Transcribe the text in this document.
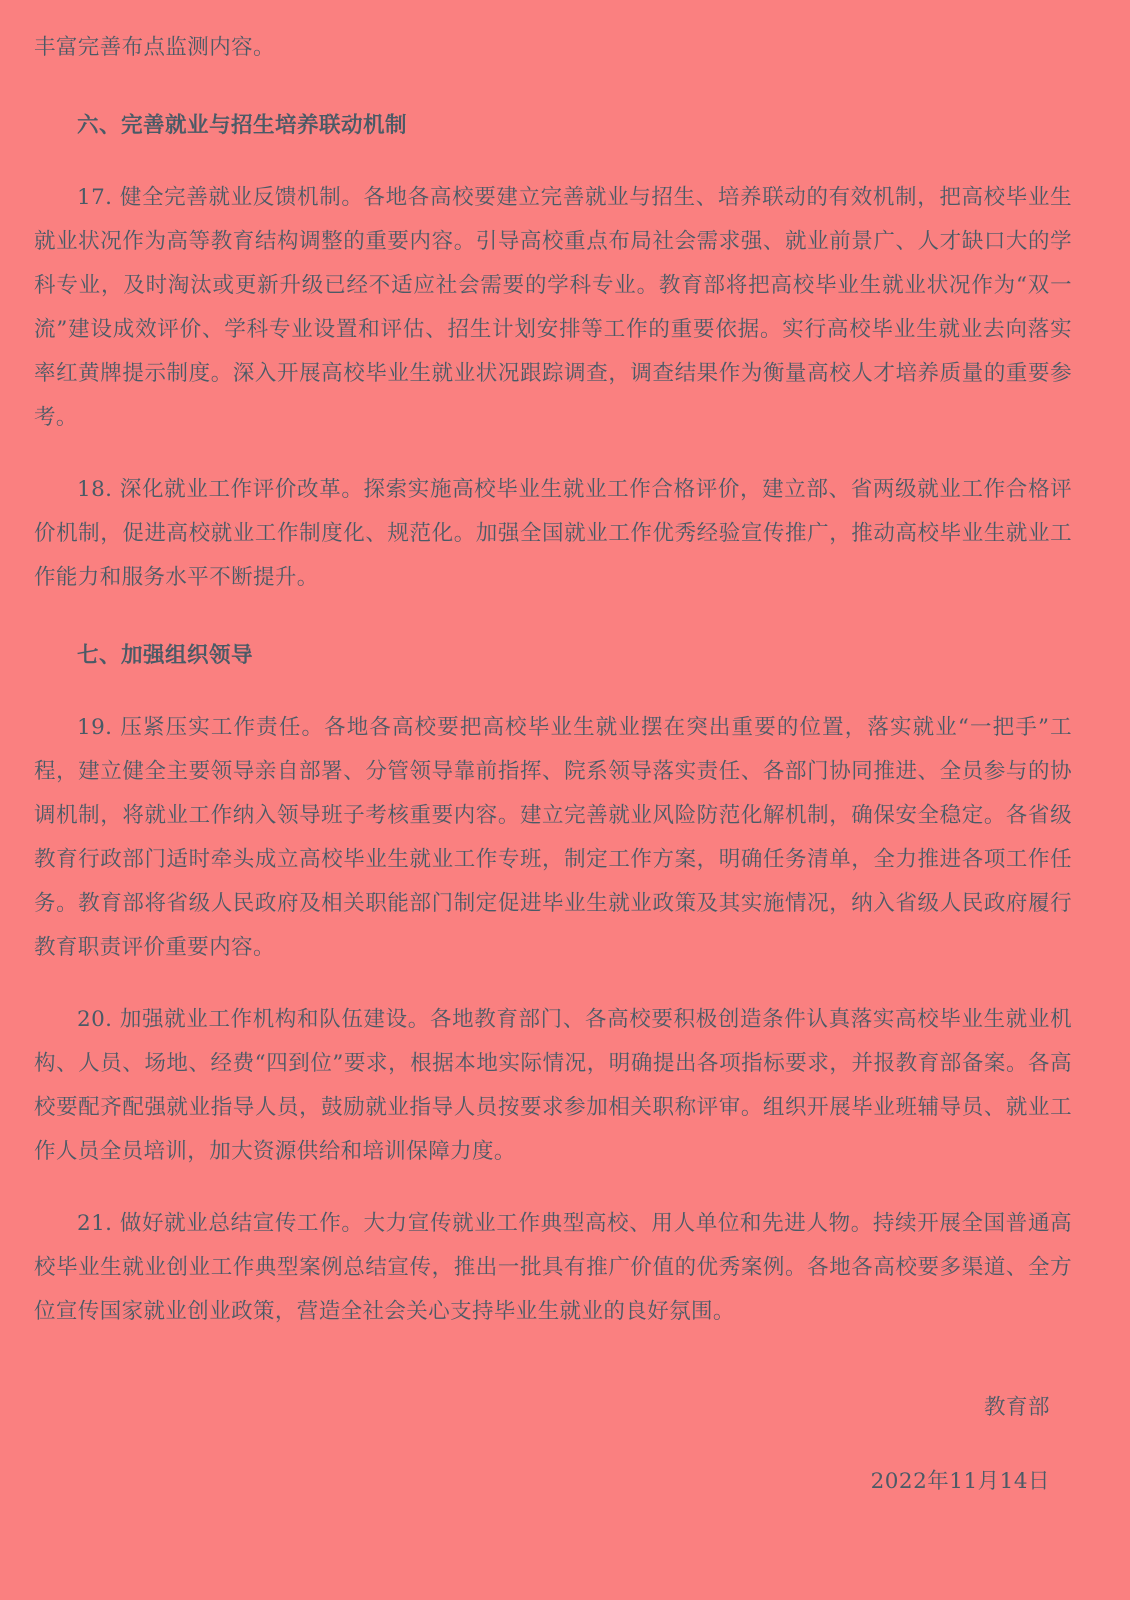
丰富完善布点监测内容。

六、完善就业与招生培养联动机制

17. 健全完善就业反馈机制。各地各高校要建立完善就业与招生、培养联动的有效机制，把高校毕业生就业状况作为高等教育结构调整的重要内容。引导高校重点布局社会需求强、就业前景广、人才缺口大的学科专业，及时淘汰或更新升级已经不适应社会需要的学科专业。教育部将把高校毕业生就业状况作为“双一流”建设成效评价、学科专业设置和评估、招生计划安排等工作的重要依据。实行高校毕业生就业去向落实率红黄牌提示制度。深入开展高校毕业生就业状况跟踪调查，调查结果作为衡量高校人才培养质量的重要参考。

18. 深化就业工作评价改革。探索实施高校毕业生就业工作合格评价，建立部、省两级就业工作合格评价机制，促进高校就业工作制度化、规范化。加强全国就业工作优秀经验宣传推广，推动高校毕业生就业工作能力和服务水平不断提升。

七、加强组织领导

19. 压紧压实工作责任。各地各高校要把高校毕业生就业摆在突出重要的位置，落实就业“一把手”工程，建立健全主要领导亲自部署、分管领导靠前指挥、院系领导落实责任、各部门协同推进、全员参与的协调机制，将就业工作纳入领导班子考核重要内容。建立完善就业风险防范化解机制，确保安全稳定。各省级教育行政部门适时牵头成立高校毕业生就业工作专班，制定工作方案，明确任务清单，全力推进各项工作任务。教育部将省级人民政府及相关职能部门制定促进毕业生就业政策及其实施情况，纳入省级人民政府履行教育职责评价重要内容。

20. 加强就业工作机构和队伍建设。各地教育部门、各高校要积极创造条件认真落实高校毕业生就业机构、人员、场地、经费“四到位”要求，根据本地实际情况，明确提出各项指标要求，并报教育部备案。各高校要配齐配强就业指导人员，鼓励就业指导人员按要求参加相关职称评审。组织开展毕业班辅导员、就业工作人员全员培训，加大资源供给和培训保障力度。

21. 做好就业总结宣传工作。大力宣传就业工作典型高校、用人单位和先进人物。持续开展全国普通高校毕业生就业创业工作典型案例总结宣传，推出一批具有推广价值的优秀案例。各地各高校要多渠道、全方位宣传国家就业创业政策，营造全社会关心支持毕业生就业的良好氛围。

教育部
2022年11月14日
